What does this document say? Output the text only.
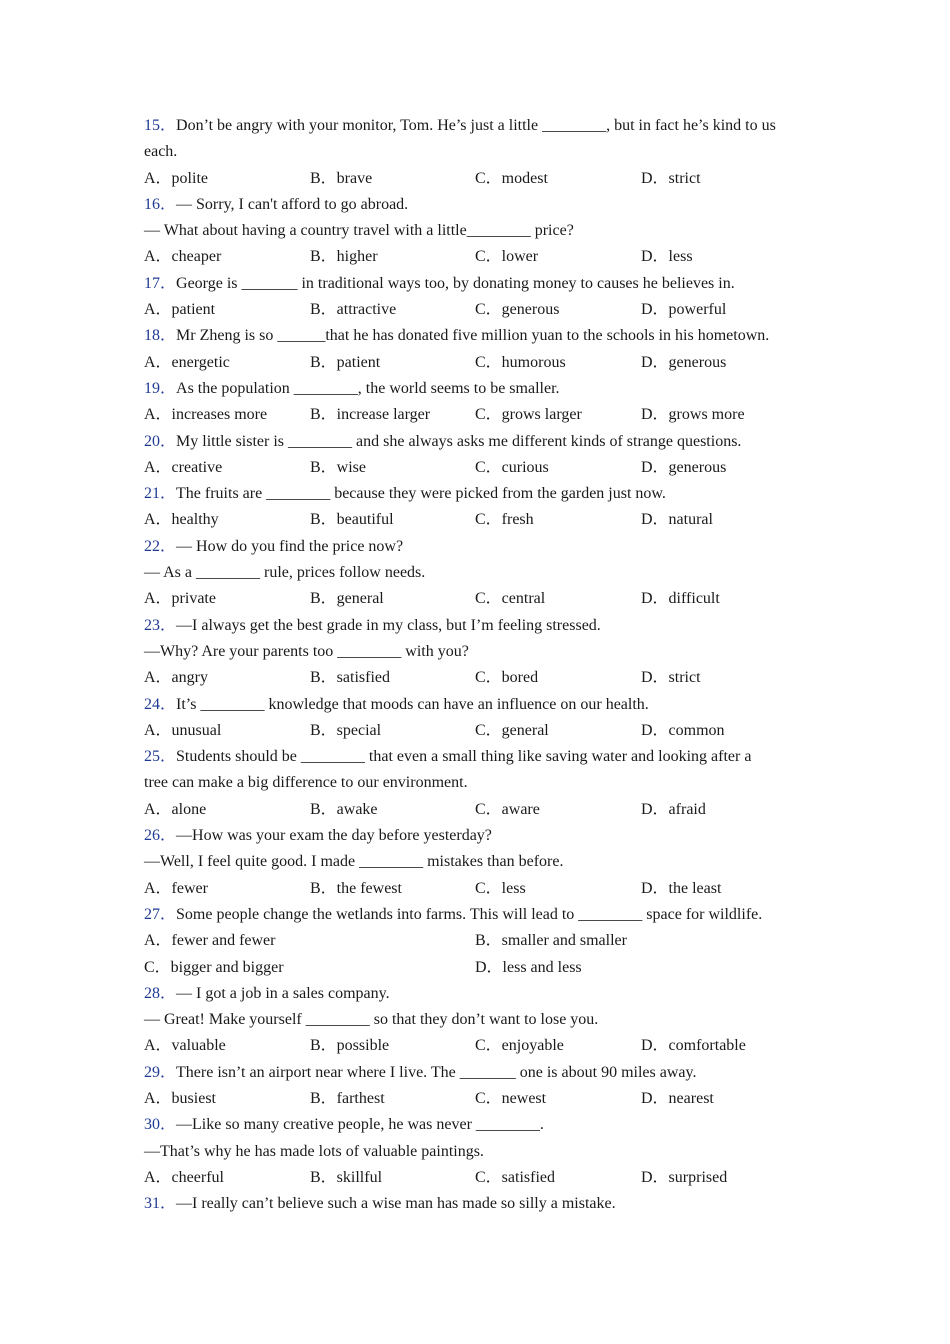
15．Don’t be angry with your monitor, Tom. He’s just a little ________, but in fact he’s kind to us
each.
A．polite	B．brave	C．modest	D．strict
16．— Sorry, I can't afford to go abroad.
— What about having a country travel with a little________ price?
A．cheaper	B．higher	C．lower	D．less
17．George is _______ in traditional ways too, by donating money to causes he believes in.
A．patient	B．attractive	C．generous	D．powerful
18．Mr Zheng is so ______that he has donated five million yuan to the schools in his hometown.
A．energetic	B．patient	C．humorous	D．generous
19．As the population ________, the world seems to be smaller.
A．increases more	B．increase larger	C．grows larger	D．grows more
20．My little sister is ________ and she always asks me different kinds of strange questions.
A．creative	B．wise	C．curious	D．generous
21．The fruits are ________ because they were picked from the garden just now.
A．healthy	B．beautiful	C．fresh	D．natural
22．— How do you find the price now?
— As a ________ rule, prices follow needs.
A．private	B．general	C．central	D．difficult
23．—I always get the best grade in my class, but I’m feeling stressed.
—Why? Are your parents too ________ with you?
A．angry	B．satisfied	C．bored	D．strict
24．It’s ________ knowledge that moods can have an influence on our health.
A．unusual	B．special	C．general	D．common
25．Students should be ________ that even a small thing like saving water and looking after a
tree can make a big difference to our environment.
A．alone	B．awake	C．aware	D．afraid
26．—How was your exam the day before yesterday?
—Well, I feel quite good. I made ________ mistakes than before.
A．fewer	B．the fewest	C．less	D．the least
27．Some people change the wetlands into farms. This will lead to ________ space for wildlife.
A．fewer and fewer	B．smaller and smaller
C．bigger and bigger	D．less and less
28．— I got a job in a sales company.
— Great! Make yourself ________ so that they don’t want to lose you.
A．valuable	B．possible	C．enjoyable	D．comfortable
29．There isn’t an airport near where I live. The _______ one is about 90 miles away.
A．busiest	B．farthest	C．newest	D．nearest
30．—Like so many creative people, he was never ________.
—That’s why he has made lots of valuable paintings.
A．cheerful	B．skillful	C．satisfied	D．surprised
31．—I really can’t believe such a wise man has made so silly a mistake.
